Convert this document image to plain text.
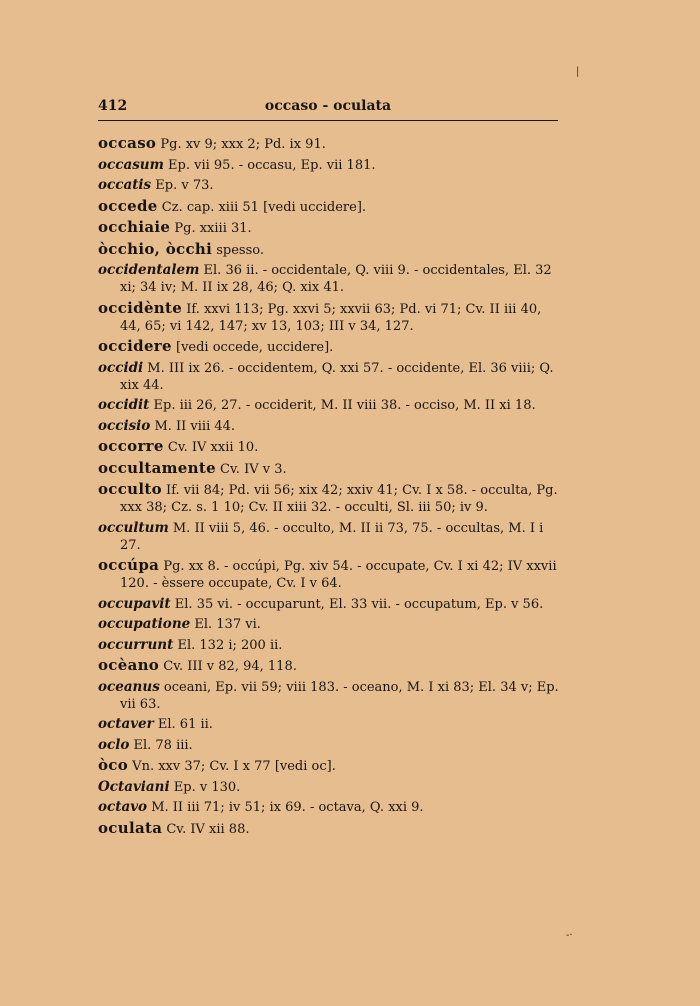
412	occaso - oculata
occaso Pg. xv 9; xxx 2; Pd. ix 91.
occasum Ep. vii 95. - occasu, Ep. vii 181.
occatis Ep. v 73.
occede Cz. cap. xiii 51 [vedi uccidere].
occhiaie Pg. xxiii 31.
òcchio, òcchi spesso.
occidentalem El. 36 ii. - occidentale, Q. viii 9. - occidentales, El. 32 xi; 34 iv; M. II ix 28, 46; Q. xix 41.
occidènte If. xxvi 113; Pg. xxvi 5; xxvii 63; Pd. vi 71; Cv. II iii 40, 44, 65; vi 142, 147; xv 13, 103; III v 34, 127.
occidere [vedi occede, uccidere].
occidi M. III ix 26. - occidentem, Q. xxi 57. - occidente, El. 36 viii; Q. xix 44.
occidit Ep. iii 26, 27. - occiderit, M. II viii 38. - occiso, M. II xi 18.
occisio M. II viii 44.
occorre Cv. IV xxii 10.
occultamente Cv. IV v 3.
occulto If. vii 84; Pd. vii 56; xix 42; xxiv 41; Cv. I x 58. - occulta, Pg. xxx 38; Cz. s. 1 10; Cv. II xiii 32. - occulti, Sl. iii 50; iv 9.
occultum M. II viii 5, 46. - occulto, M. II ii 73, 75. - occultas, M. I i 27.
occúpa Pg. xx 8. - occúpi, Pg. xiv 54. - occupate, Cv. I xi 42; IV xxvii 120. - èssere occupate, Cv. I v 64.
occupavit El. 35 vi. - occuparunt, El. 33 vii. - occupatum, Ep. v 56.
occupatione El. 137 vi.
occurrunt El. 132 i; 200 ii.
ocèano Cv. III v 82, 94, 118.
oceanus oceani, Ep. vii 59; viii 183. - oceano, M. I xi 83; El. 34 v; Ep. vii 63.
octaver El. 61 ii.
oclo El. 78 iii.
òco Vn. xxv 37; Cv. I x 77 [vedi oc].
Octaviani Ep. v 130.
octavo M. II iii 71; iv 51; ix 69. - octava, Q. xxi 9.
oculata Cv. IV xii 88.
|
-·
